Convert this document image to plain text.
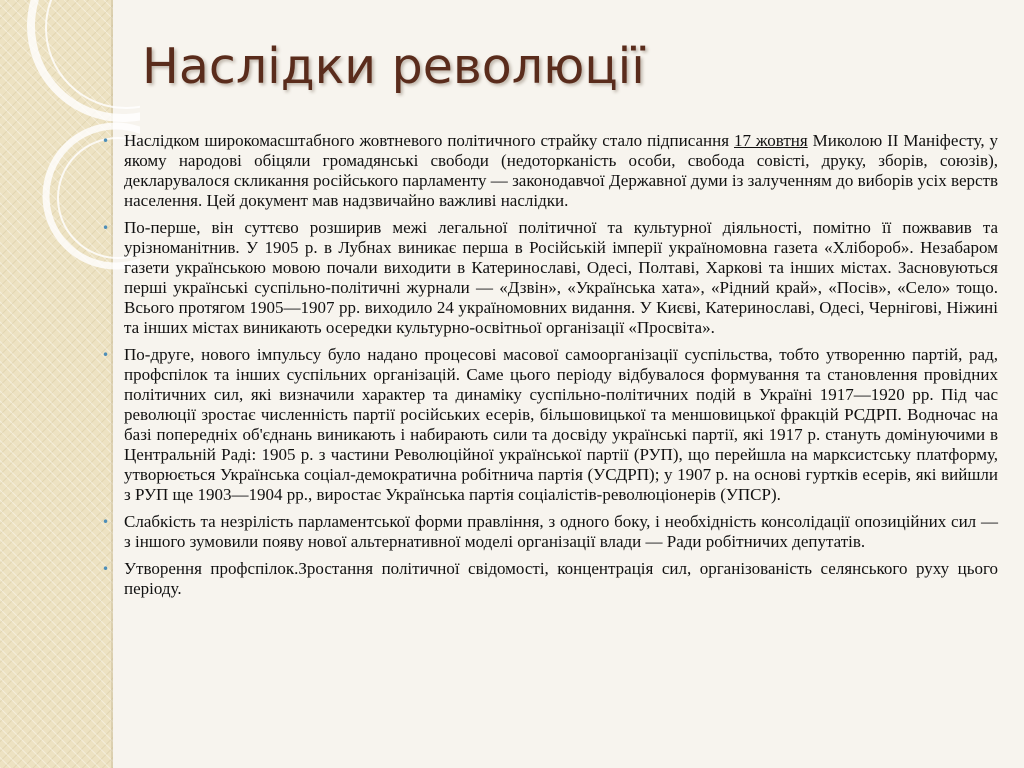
Наслідки революції
• Наслідком широкомасштабного жовтневого політичного страйку стало підписання 17 жовтня Миколою ІІ Маніфесту, у якому народові обіцяли громадянські свободи (недоторканість особи, свобода совісті, друку, зборів, союзів), декларувалося скликання російського парламенту — законодавчої Державної думи із залученням до виборів усіх верств населення. Цей документ мав надзвичайно важливі наслідки.
• По-перше, він суттєво розширив межі легальної політичної та культурної діяльності, помітно її пожвавив та урізноманітнив. У 1905 р. в Лубнах виникає перша в Російській імперії україномовна газета «Хлібороб». Незабаром газети українською мовою почали виходити в Катеринославі, Одесі, Полтаві, Харкові та інших містах. Засновуються перші українські суспільно-політичні журнали — «Дзвін», «Українська хата», «Рідний край», «Посів», «Село» тощо. Всього протягом 1905—1907 рр. виходило 24 україномовних видання. У Києві, Катеринославі, Одесі, Чернігові, Ніжині та інших містах виникають осередки культурно-освітньої організації «Просвіта».
• По-друге, нового імпульсу було надано процесові масової самоорганізації суспільства, тобто утворенню партій, рад, профспілок та інших суспільних організацій. Саме цього періоду відбувалося формування та становлення провідних політичних сил, які визначили характер та динаміку суспільно-політичних подій в Україні 1917—1920 рр. Під час революції зростає численність партії російських есерів, більшовицької та меншовицької фракцій РСДРП. Водночас на базі попередніх об'єднань виникають і набирають сили та досвіду українські партії, які 1917 р. стануть домінуючими в Центральній Раді: 1905 р. з частини Революційної української партії (РУП), що перейшла на марксистську платформу, утворюється Українська соціал-демократична робітнича партія (УСДРП); у 1907 р. на основі гуртків есерів, які вийшли з РУП ще 1903—1904 рр., виростає Українська партія соціалістів-революціонерів (УПСР).
• Слабкість та незрілість парламентської форми правління, з одного боку, і необхідність консолідації опозиційних сил — з іншого зумовили появу нової альтернативної моделі організації влади — Ради робітничих депутатів.
• Утворення профспілок.Зростання політичної свідомості, концентрація сил, організованість селянського руху цього періоду.
